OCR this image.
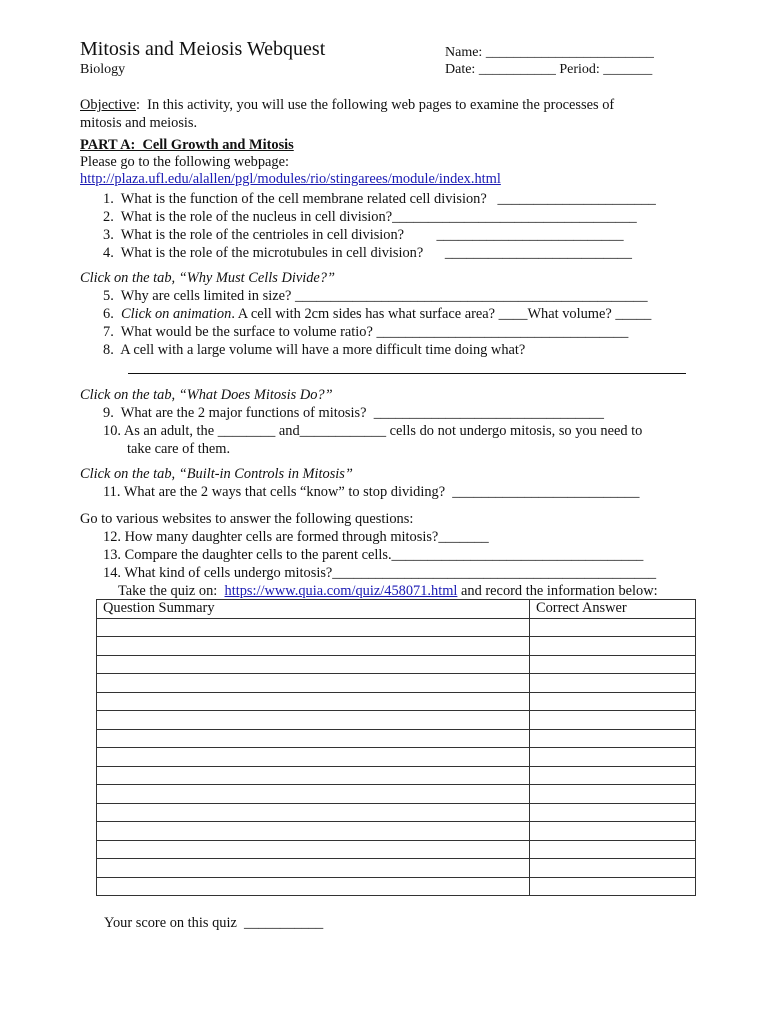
Mitosis and Meiosis Webquest
Biology
Name: ________________________
Date: ___________ Period: _______
Objective:  In this activity, you will use the following web pages to examine the processes of
mitosis and meiosis.
PART A:  Cell Growth and Mitosis
Please go to the following webpage:
http://plaza.ufl.edu/alallen/pgl/modules/rio/stingarees/module/index.html
1. What is the function of the cell membrane related cell division?   ______________________
2. What is the role of the nucleus in cell division?__________________________________
3. What is the role of the centrioles in cell division?         __________________________
4. What is the role of the microtubules in cell division?      __________________________
Click on the tab, “Why Must Cells Divide?”
5. Why are cells limited in size? _________________________________________________
6. Click on animation. A cell with 2cm sides has what surface area? ____What volume? _____
7.  What would be the surface to volume ratio? ___________________________________
8. A cell with a large volume will have a more difficult time doing what?
Click on the tab, “What Does Mitosis Do?”
9. What are the 2 major functions of mitosis?  ________________________________
10. As an adult, the ________ and____________ cells do not undergo mitosis, so you need to
take care of them.
Click on the tab, “Built-in Controls in Mitosis”
11. What are the 2 ways that cells “know” to stop dividing?  __________________________
Go to various websites to answer the following questions:
12. How many daughter cells are formed through mitosis?_______
13. Compare the daughter cells to the parent cells.___________________________________
14. What kind of cells undergo mitosis?_____________________________________________
Take the quiz on:  https://www.quia.com/quiz/458071.html and record the information below:
Question Summary	Correct Answer

Your score on this quiz  ___________
